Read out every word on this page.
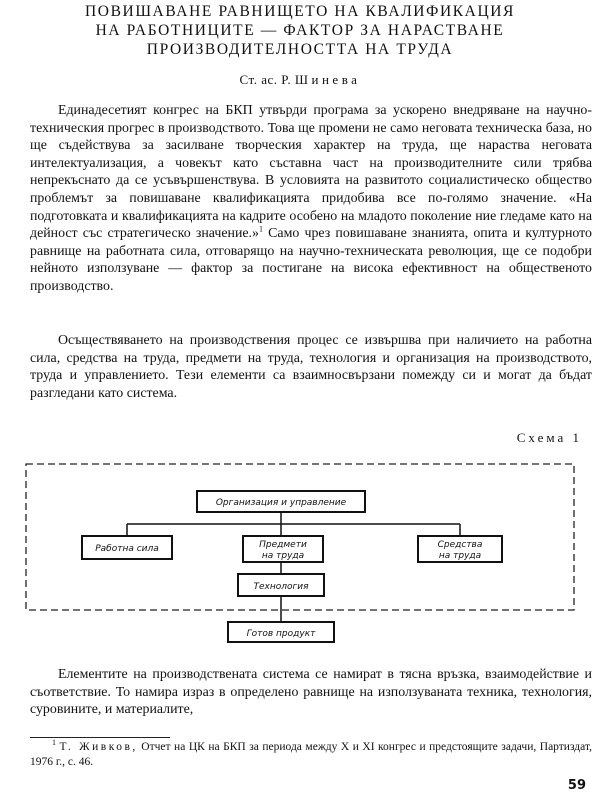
ПОВИШАВАНЕ РАВНИЩЕТО НА КВАЛИФИКАЦИЯ
НА РАБОТНИЦИТЕ — ФАКТОР ЗА НАРАСТВАНЕ
ПРОИЗВОДИТЕЛНОСТТА НА ТРУДА
Ст. ас. Р. Шинева

Единадесетият конгрес на БКП утвърди програма за ускорено внедряване на научно-техническия прогрес в производството. Това ще промени не само неговата техническа база, но ще съдействува за засилване творческия характер на труда, ще нараства неговата интелектуализация, а човекът като съставна част на производителните сили трябва непрекъснато да се усъвършенствува. В условията на развитото социалистическо общество проблемът за повишаване квалификацията придобива все по-голямо значение. «На подготовката и квалификацията на кадрите особено на младото поколение ние гледаме като на дейност със стратегическо значение.»$^1$ Само чрез повишаване знанията, опита и културното равнище на работната сила, отговарящо на научно-техническата революция, ще се подобри нейното използуване — фактор за постигане на висока ефективност на общественото производство.

Осъществяването на производствения процес се извършва при наличието на работна сила, средства на труда, предмети на труда, технология и организация на производството, труда и управлението. Тези елементи са взаимносвързани помежду си и могат да бъдат разгледани като система.

Схема 1
Организация и управление
Работна сила	Предмети
на труда
Средства
на труда
Технология
Готов продукт

Елементите на производствената система се намират в тясна връзка, взаимодействие и съответствие. То намира израз в определено равнище на използуваната техника, технология, суровините, и материалите,

$^1$ Т. Живков, Отчет на ЦК на БКП за периода между X и XI конгрес и предстоящите задачи, Партиздат, 1976 г., с. 46.

59
